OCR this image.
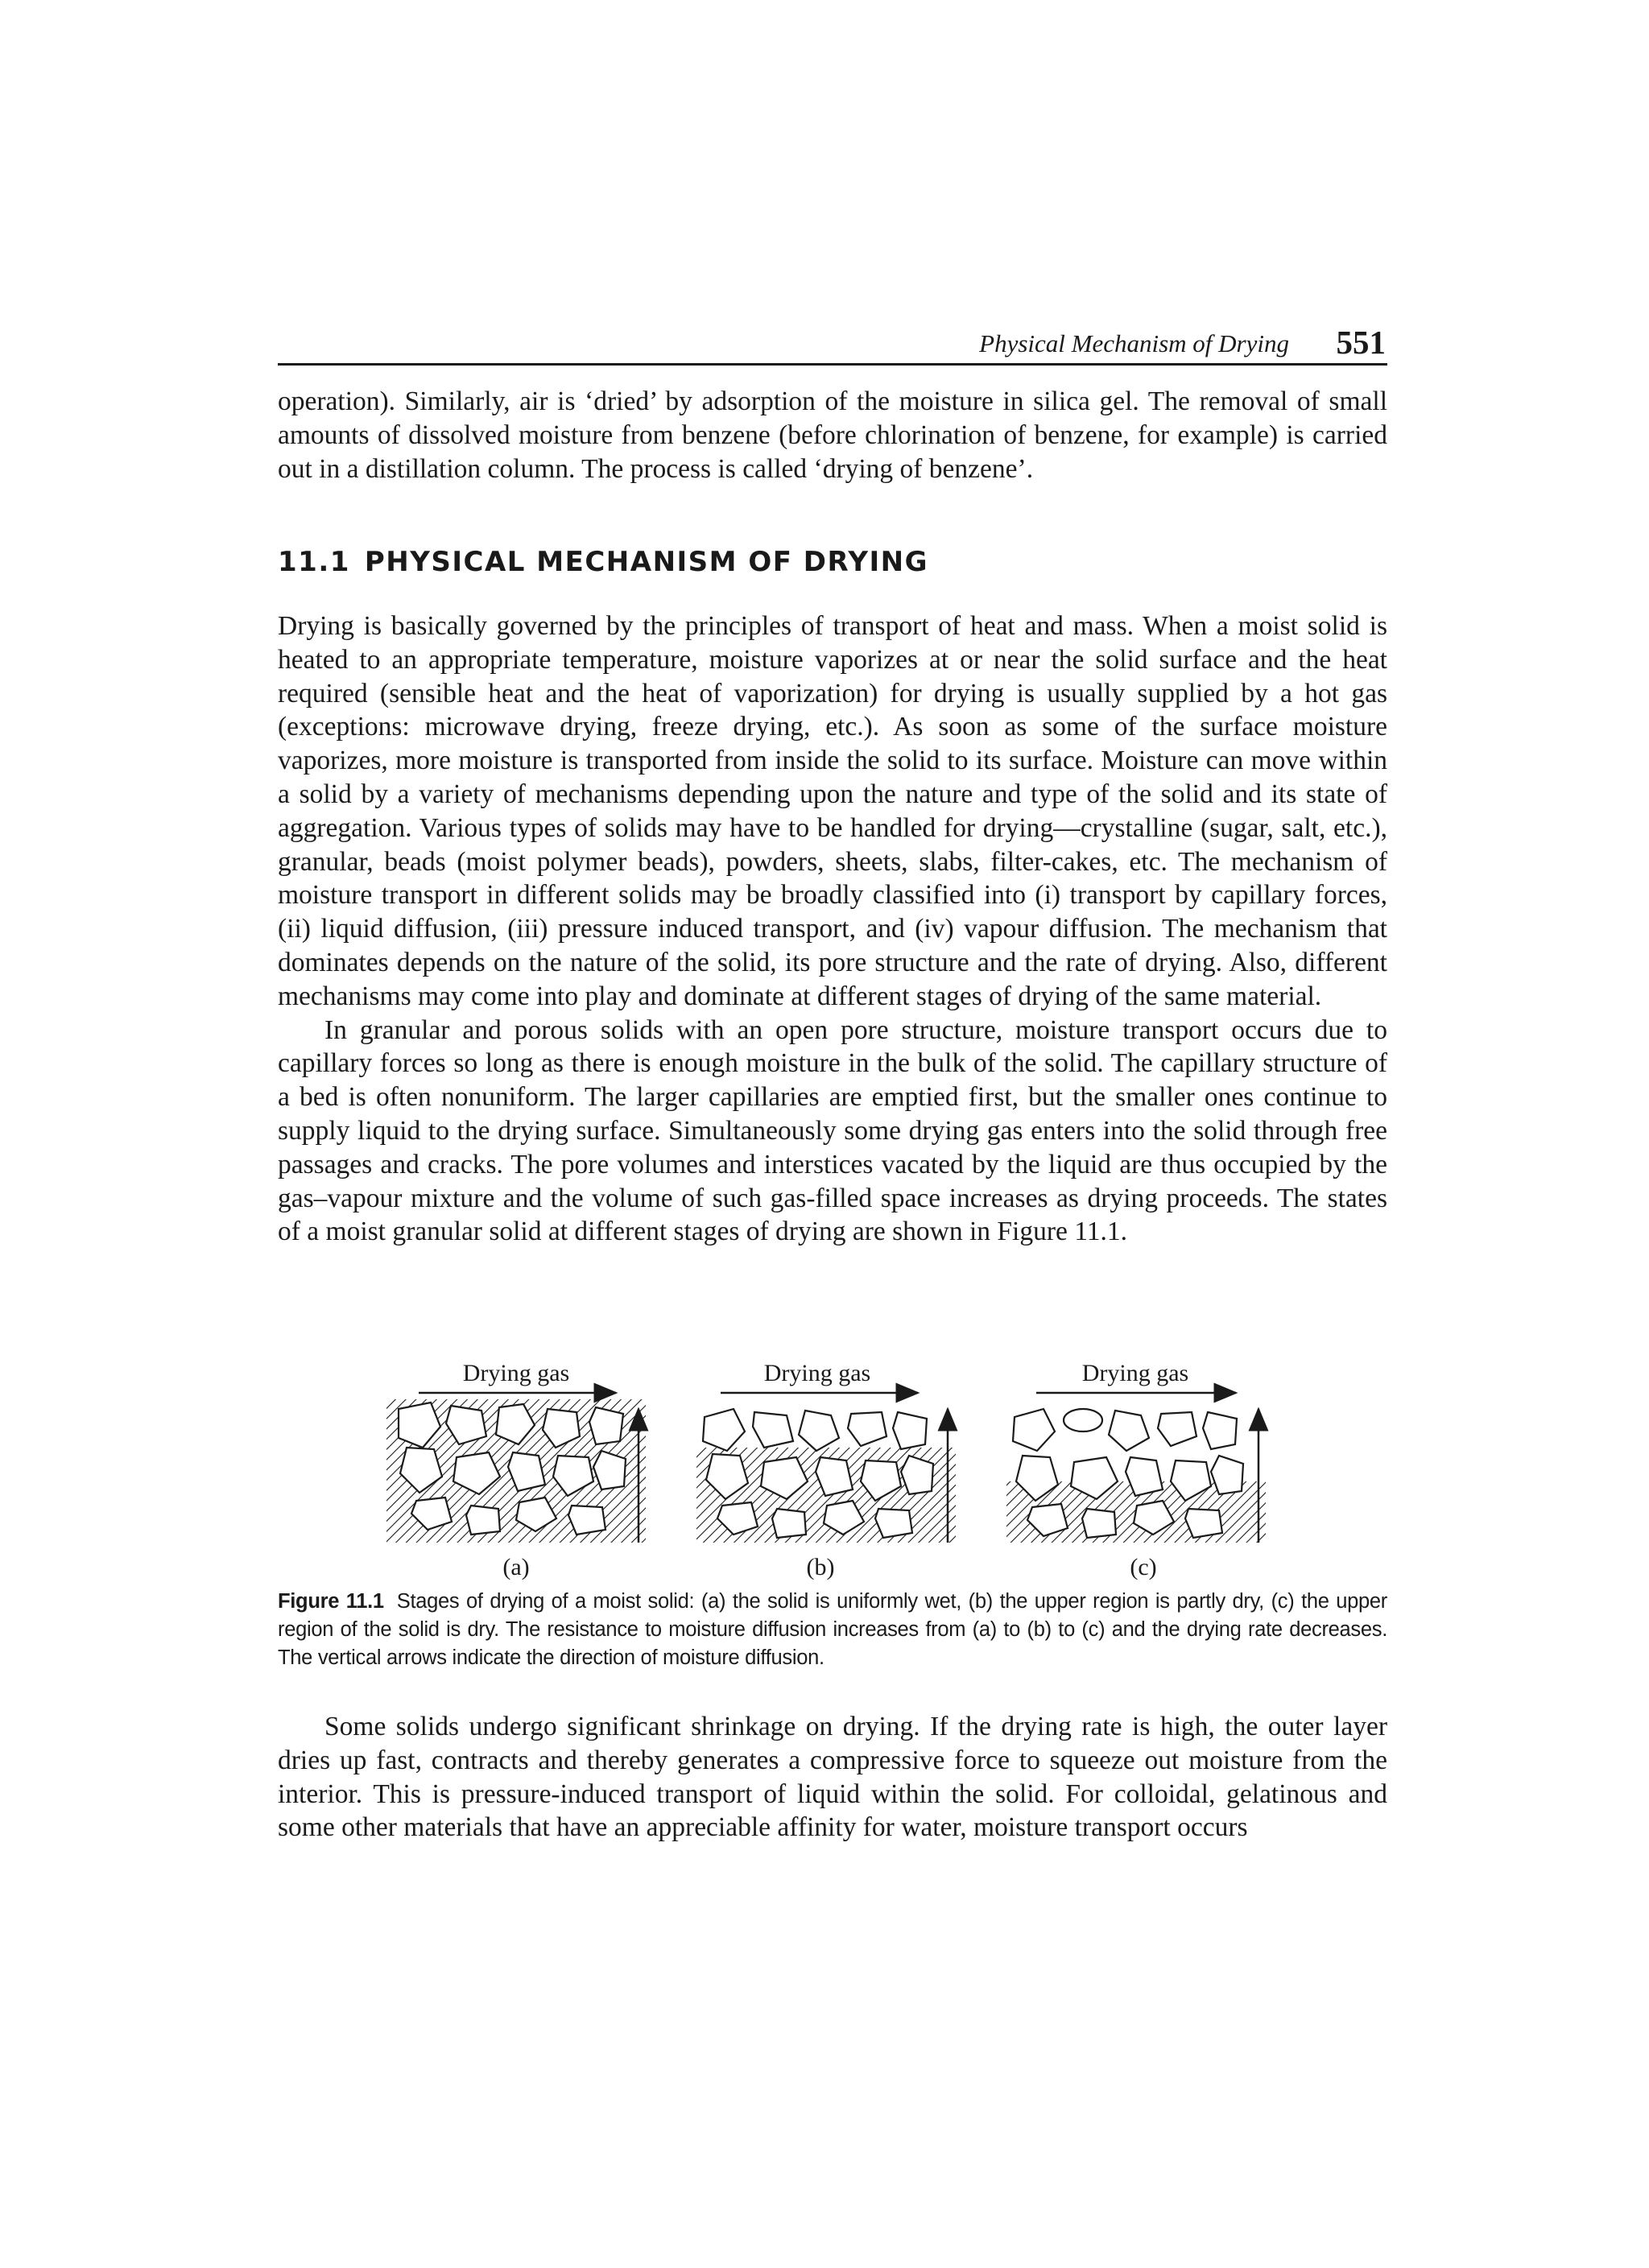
Physical Mechanism of Drying 551

operation). Similarly, air is ‘dried’ by adsorption of the moisture in silica gel. The removal of small amounts of dissolved moisture from benzene (before chlorination of benzene, for example) is carried out in a distillation column. The process is called ‘drying of benzene’.

11.1 PHYSICAL MECHANISM OF DRYING

Drying is basically governed by the principles of transport of heat and mass. When a moist solid is heated to an appropriate temperature, moisture vaporizes at or near the solid surface and the heat required (sensible heat and the heat of vaporization) for drying is usually supplied by a hot gas (exceptions: microwave drying, freeze drying, etc.). As soon as some of the surface moisture vaporizes, more moisture is transported from inside the solid to its surface. Moisture can move within a solid by a variety of mechanisms depending upon the nature and type of the solid and its state of aggregation. Various types of solids may have to be handled for drying—crystalline (sugar, salt, etc.), granular, beads (moist polymer beads), powders, sheets, slabs, filter-cakes, etc. The mechanism of moisture transport in different solids may be broadly classified into (i) transport by capillary forces, (ii) liquid diffusion, (iii) pressure induced transport, and (iv) vapour diffusion. The mechanism that dominates depends on the nature of the solid, its pore structure and the rate of drying. Also, different mechanisms may come into play and dominate at different stages of drying of the same material.

In granular and porous solids with an open pore structure, moisture transport occurs due to capillary forces so long as there is enough moisture in the bulk of the solid. The capillary structure of a bed is often nonuniform. The larger capillaries are emptied first, but the smaller ones continue to supply liquid to the drying surface. Simultaneously some drying gas enters into the solid through free passages and cracks. The pore volumes and interstices vacated by the liquid are thus occupied by the gas–vapour mixture and the volume of such gas-filled space increases as drying proceeds. The states of a moist granular solid at different stages of drying are shown in Figure 11.1.

Drying gas	Drying gas	Drying gas
(a)	(b)	(c)
Figure 11.1 Stages of drying of a moist solid: (a) the solid is uniformly wet, (b) the upper region is partly dry, (c) the upper region of the solid is dry. The resistance to moisture diffusion increases from (a) to (b) to (c) and the drying rate decreases. The vertical arrows indicate the direction of moisture diffusion.

Some solids undergo significant shrinkage on drying. If the drying rate is high, the outer layer dries up fast, contracts and thereby generates a compressive force to squeeze out moisture from the interior. This is pressure-induced transport of liquid within the solid. For colloidal, gelatinous and some other materials that have an appreciable affinity for water, moisture transport occurs
